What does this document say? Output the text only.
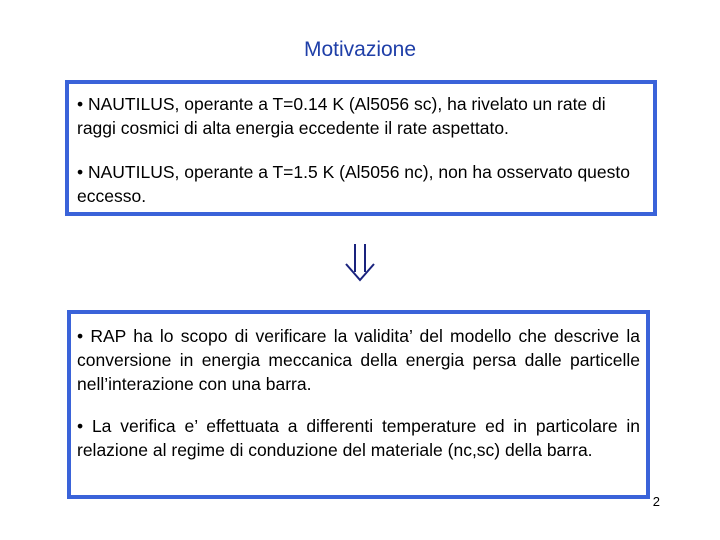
Motivazione

• NAUTILUS, operante a T=0.14 K (Al5056 sc), ha rivelato un rate di raggi cosmici di alta energia eccedente il rate aspettato.

• NAUTILUS, operante a T=1.5 K (Al5056 nc), non ha osservato questo eccesso.

• RAP ha lo scopo di verificare la validita’ del modello che descrive la conversione in energia meccanica della energia persa dalle particelle nell’interazione con una barra.

• La verifica e’ effettuata a differenti temperature ed in particolare in relazione al regime di conduzione del materiale (nc,sc) della barra.

2
